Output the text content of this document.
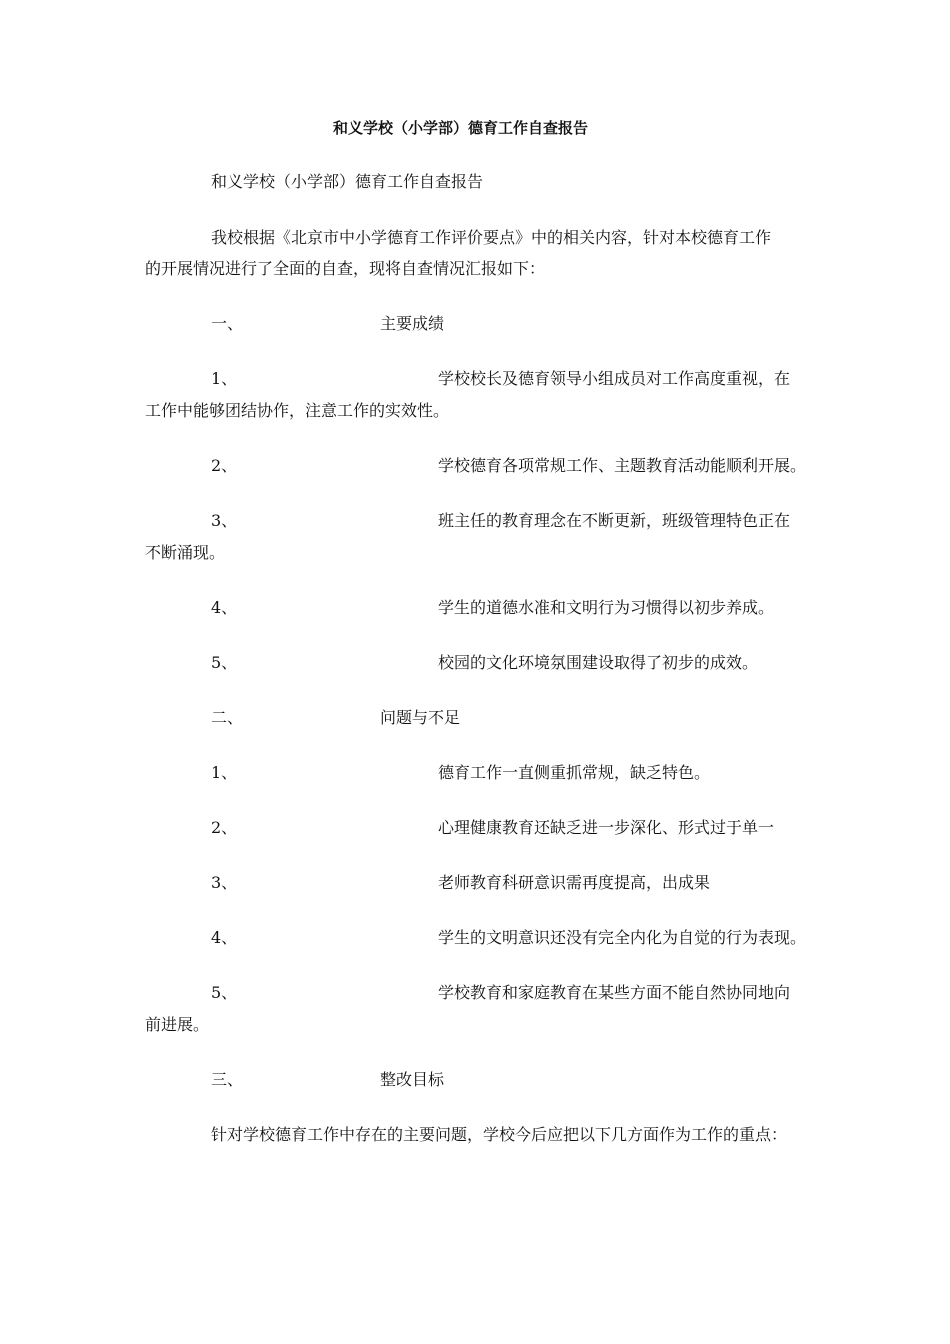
和义学校（小学部）德育工作自查报告
和义学校（小学部）德育工作自查报告
我校根据《北京市中小学德育工作评价要点》中的相关内容，针对本校德育工作
的开展情况进行了全面的自查，现将自查情况汇报如下：
一、	主要成绩
1、	学校校长及德育领导小组成员对工作高度重视，在
工作中能够团结协作，注意工作的实效性。
2、	学校德育各项常规工作、主题教育活动能顺利开展。
3、	班主任的教育理念在不断更新，班级管理特色正在
不断涌现。
4、	学生的道德水准和文明行为习惯得以初步养成。
5、	校园的文化环境氛围建设取得了初步的成效。
二、	问题与不足
1、	德育工作一直侧重抓常规，缺乏特色。
2、	心理健康教育还缺乏进一步深化、形式过于单一
3、	老师教育科研意识需再度提高，出成果
4、	学生的文明意识还没有完全内化为自觉的行为表现。
5、	学校教育和家庭教育在某些方面不能自然协同地向
前进展。
三、	整改目标
针对学校德育工作中存在的主要问题，学校今后应把以下几方面作为工作的重点：
